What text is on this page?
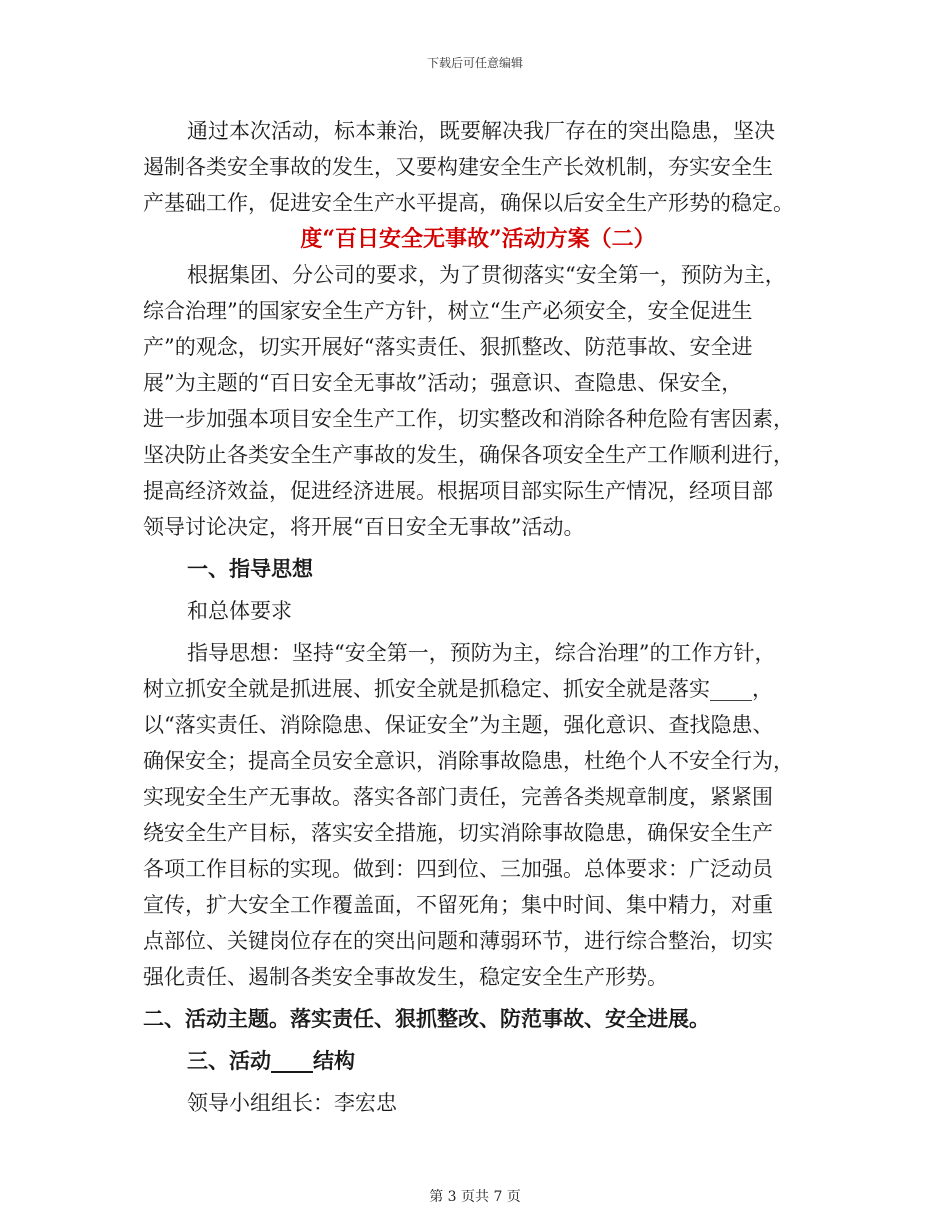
下载后可任意编辑
通过本次活动，标本兼治，既要解决我厂存在的突出隐患，坚决
遏制各类安全事故的发生，又要构建安全生产长效机制，夯实安全生
产基础工作，促进安全生产水平提高，确保以后安全生产形势的稳定。
度“百日安全无事故”活动方案（二）
根据集团、分公司的要求，为了贯彻落实“安全第一，预防为主，
综合治理”的国家安全生产方针，树立“生产必须安全，安全促进生
产”的观念，切实开展好“落实责任、狠抓整改、防范事故、安全进
展”为主题的“百日安全无事故”活动；强意识、查隐患、保安全，
进一步加强本项目安全生产工作，切实整改和消除各种危险有害因素，
坚决防止各类安全生产事故的发生，确保各项安全生产工作顺利进行，
提高经济效益，促进经济进展。根据项目部实际生产情况，经项目部
领导讨论决定，将开展“百日安全无事故”活动。
一、指导思想
和总体要求
指导思想：坚持“安全第一，预防为主，综合治理”的工作方针，
树立抓安全就是抓进展、抓安全就是抓稳定、抓安全就是落实____，
以“落实责任、消除隐患、保证安全”为主题，强化意识、查找隐患、
确保安全；提高全员安全意识，消除事故隐患，杜绝个人不安全行为，
实现安全生产无事故。落实各部门责任，完善各类规章制度，紧紧围
绕安全生产目标，落实安全措施，切实消除事故隐患，确保安全生产
各项工作目标的实现。做到：四到位、三加强。总体要求：广泛动员
宣传，扩大安全工作覆盖面，不留死角；集中时间、集中精力，对重
点部位、关键岗位存在的突出问题和薄弱环节，进行综合整治，切实
强化责任、遏制各类安全事故发生，稳定安全生产形势。
二、活动主题。落实责任、狠抓整改、防范事故、安全进展。
三、活动____结构
领导小组组长：李宏忠
第 3 页共 7 页
